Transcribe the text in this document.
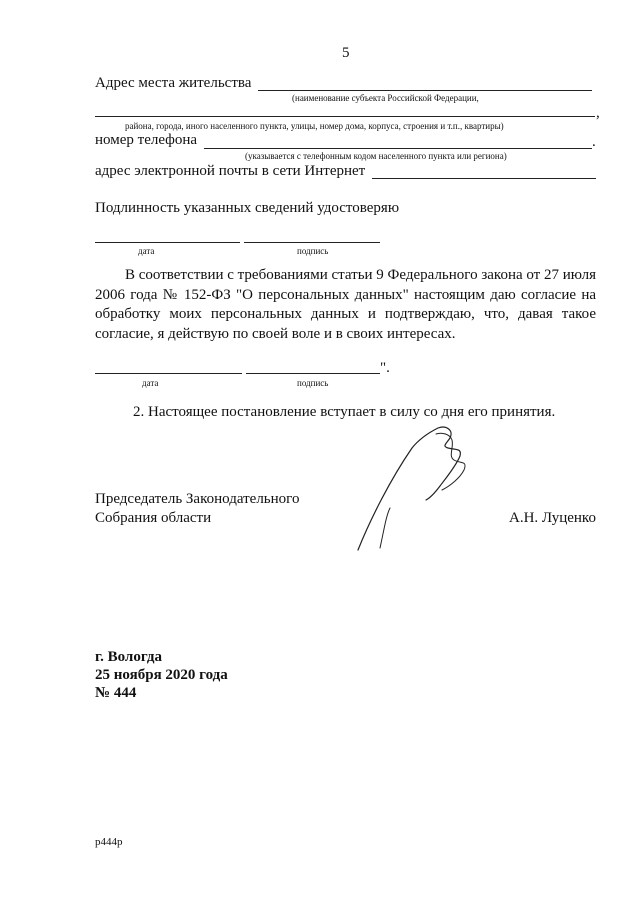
5
Адрес места жительства
(наименование субъекта Российской Федерации,
,
района, города, иного населенного пункта, улицы, номер дома, корпуса, строения и т.п., квартиры)
номер телефона	.
(указывается с телефонным кодом населенного пункта или региона)
адрес электронной почты в сети Интернет
Подлинность указанных сведений удостоверяю
дата	подпись
В соответствии с требованиями статьи 9 Федерального закона от 27 июля 2006 года № 152-ФЗ "О персональных данных" настоящим даю согласие на обработку моих персональных данных и подтверждаю, что, давая такое согласие, я действую по своей воле и в своих интересах.
".
дата	подпись
2. Настоящее постановление вступает в силу со дня его принятия.
Председатель Законодательного
Собрания области	А.Н. Луценко
г. Вологда
25 ноября 2020 года
№ 444
р444р
